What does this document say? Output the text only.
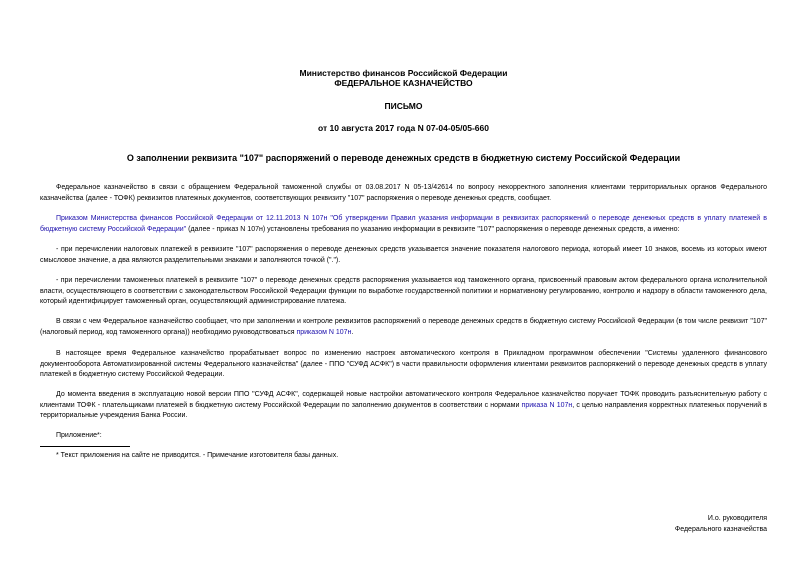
Министерство финансов Российской Федерации
ФЕДЕРАЛЬНОЕ КАЗНАЧЕЙСТВО
ПИСЬМО
от 10 августа 2017 года N 07-04-05/05-660
О заполнении реквизита "107" распоряжений о переводе денежных средств в бюджетную систему Российской Федерации
Федеральное казначейство в связи с обращением Федеральной таможенной службы от 03.08.2017 N 05-13/42614 по вопросу некорректного заполнения клиентами территориальных органов Федерального казначейства (далее - ТОФК) реквизитов платежных документов, соответствующих реквизиту "107" распоряжения о переводе денежных средств, сообщает.
Приказом Министерства финансов Российской Федерации от 12.11.2013 N 107н "Об утверждении Правил указания информации в реквизитах распоряжений о переводе денежных средств в уплату платежей в бюджетную систему Российской Федерации" (далее - приказ N 107н) установлены требования по указанию информации в реквизите "107" распоряжения о переводе денежных средств, а именно:
- при перечислении налоговых платежей в реквизите "107" распоряжения о переводе денежных средств указывается значение показателя налогового периода, который имеет 10 знаков, восемь из которых имеют смысловое значение, а два являются разделительными знаками и заполняются точкой (".").
- при перечислении таможенных платежей в реквизите "107" о переводе денежных средств распоряжения указывается код таможенного органа, присвоенный правовым актом федерального органа исполнительной власти, осуществляющего в соответствии с законодательством Российской Федерации функции по выработке государственной политики и нормативному регулированию, контролю и надзору в области таможенного дела, который идентифицирует таможенный орган, осуществляющий администрирование платежа.
В связи с чем Федеральное казначейство сообщает, что при заполнении и контроле реквизитов распоряжений о переводе денежных средств в бюджетную систему Российской Федерации (в том числе реквизит "107" (налоговый период, код таможенного органа)) необходимо руководствоваться приказом N 107н.
В настоящее время Федеральное казначейство прорабатывает вопрос по изменению настроек автоматического контроля в Прикладном программном обеспечении "Системы удаленного финансового документооборота Автоматизированной системы Федерального казначейства" (далее - ППО "СУФД АСФК") в части правильности оформления клиентами реквизитов распоряжений о переводе денежных средств в уплату платежей в бюджетную систему Российской Федерации.
До момента введения в эксплуатацию новой версии ППО "СУФД АСФК", содержащей новые настройки автоматического контроля Федеральное казначейство поручает ТОФК проводить разъяснительную работу с клиентами ТОФК - плательщиками платежей в бюджетную систему Российской Федерации по заполнению документов в соответствии с нормами приказа N 107н, с целью направления корректных платежных поручений в территориальные учреждения Банка России.
Приложение*:
* Текст приложения на сайте не приводится. - Примечание изготовителя базы данных.
И.о. руководителя
Федерального казначейства
